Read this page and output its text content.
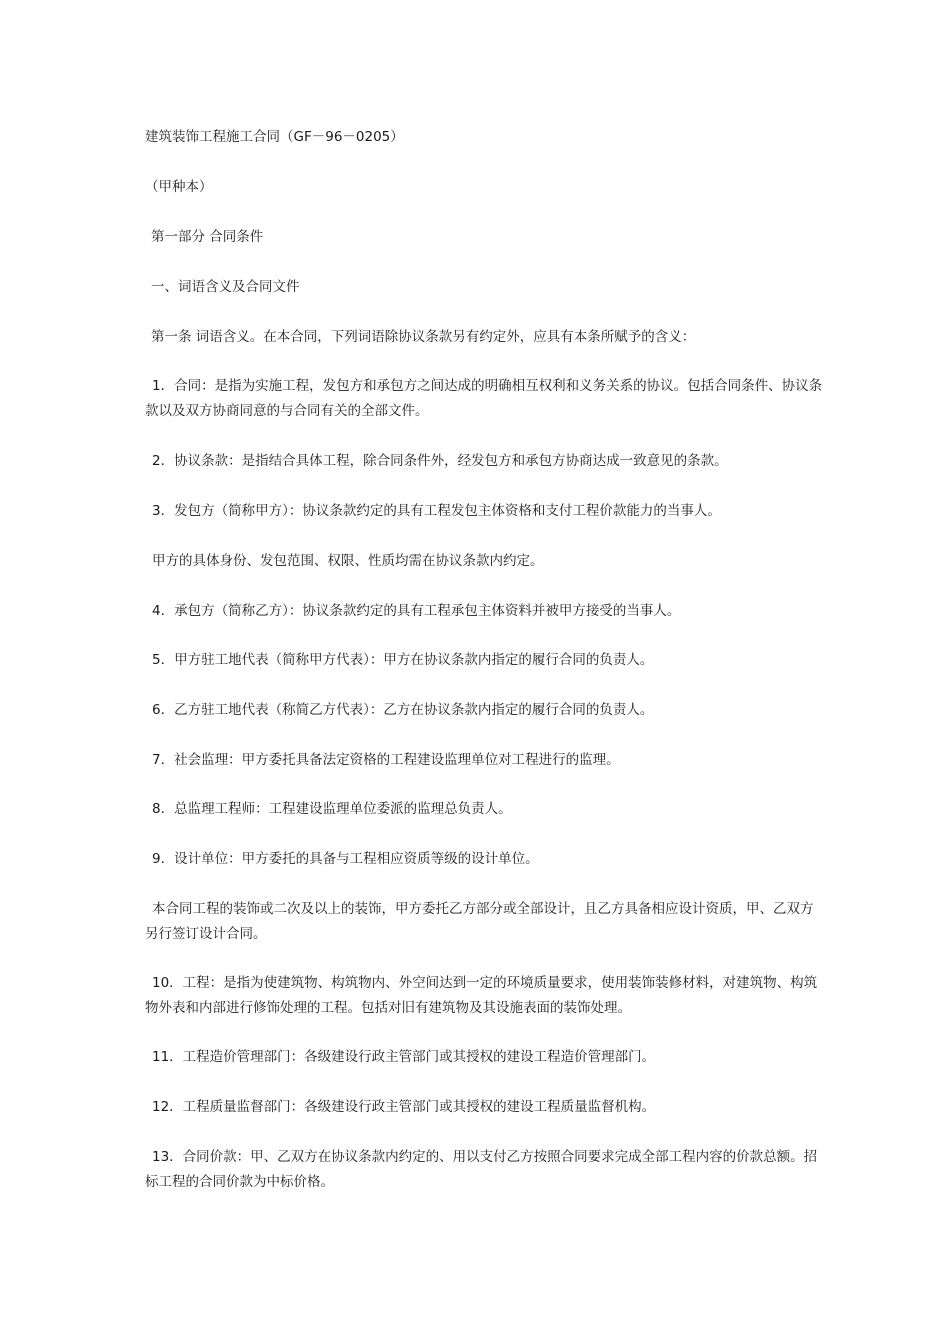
建筑装饰工程施工合同（GF－96－0205）

（甲种本）

第一部分 合同条件

一、词语含义及合同文件

第一条 词语含义。在本合同，下列词语除协议条款另有约定外，应具有本条所赋予的含义：

1．合同：是指为实施工程，发包方和承包方之间达成的明确相互权利和义务关系的协议。包括合同条件、协议条款以及双方协商同意的与合同有关的全部文件。

2．协议条款：是指结合具体工程，除合同条件外，经发包方和承包方协商达成一致意见的条款。

3．发包方（简称甲方）：协议条款约定的具有工程发包主体资格和支付工程价款能力的当事人。

甲方的具体身份、发包范围、权限、性质均需在协议条款内约定。

4．承包方（简称乙方）：协议条款约定的具有工程承包主体资料并被甲方接受的当事人。

5．甲方驻工地代表（简称甲方代表）：甲方在协议条款内指定的履行合同的负责人。

6．乙方驻工地代表（称简乙方代表）：乙方在协议条款内指定的履行合同的负责人。

7．社会监理：甲方委托具备法定资格的工程建设监理单位对工程进行的监理。

8．总监理工程师：工程建设监理单位委派的监理总负责人。

9．设计单位：甲方委托的具备与工程相应资质等级的设计单位。

本合同工程的装饰或二次及以上的装饰，甲方委托乙方部分或全部设计，且乙方具备相应设计资质，甲、乙双方另行签订设计合同。

10．工程：是指为使建筑物、构筑物内、外空间达到一定的环境质量要求，使用装饰装修材料，对建筑物、构筑物外表和内部进行修饰处理的工程。包括对旧有建筑物及其设施表面的装饰处理。

11．工程造价管理部门：各级建设行政主管部门或其授权的建设工程造价管理部门。

12．工程质量监督部门：各级建设行政主管部门或其授权的建设工程质量监督机构。

13．合同价款：甲、乙双方在协议条款内约定的、用以支付乙方按照合同要求完成全部工程内容的价款总额。招标工程的合同价款为中标价格。
